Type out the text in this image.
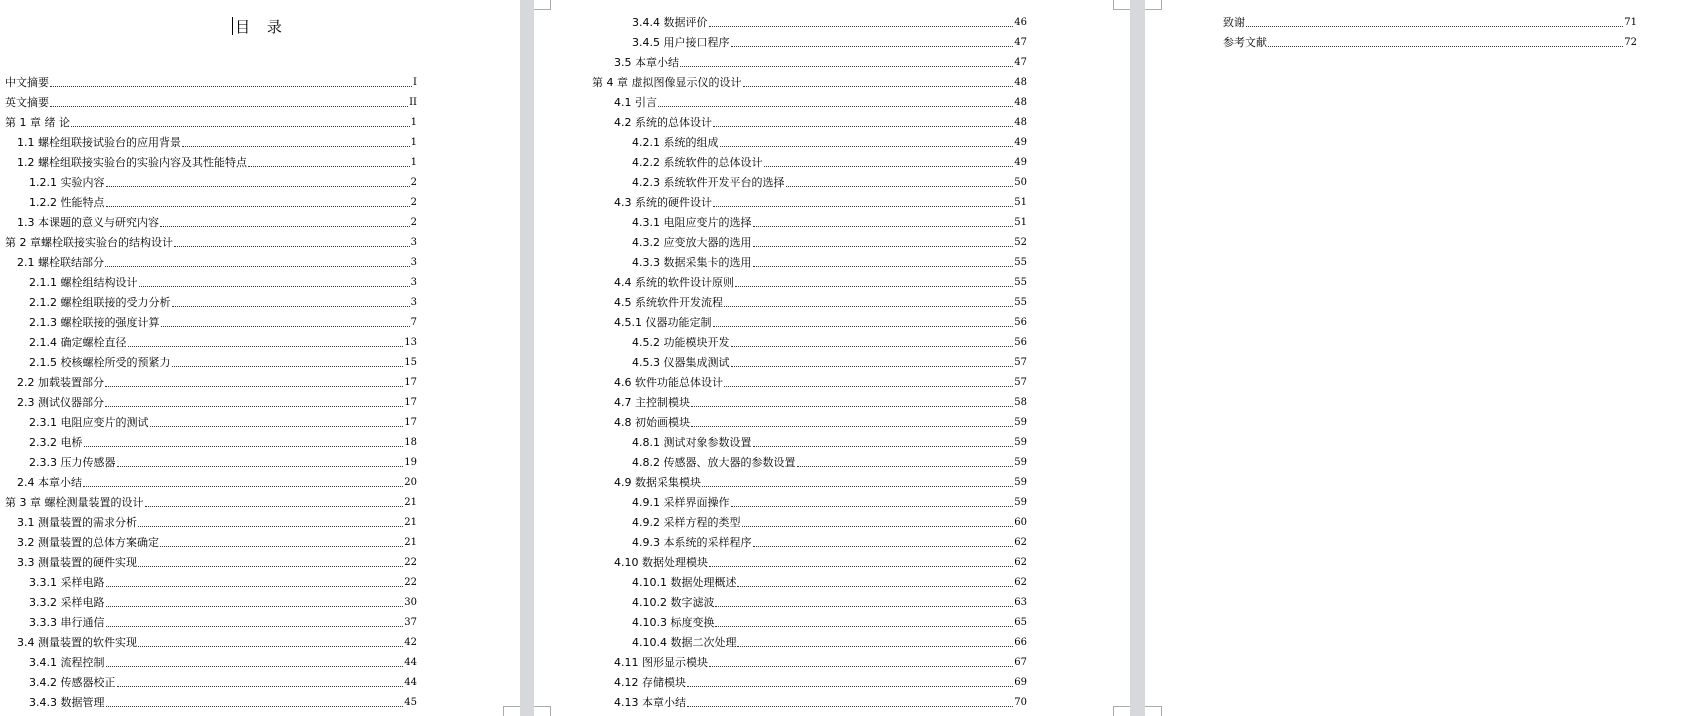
目 录
中文摘要	I
英文摘要	II
第 1 章 绪 论	1
1.1 螺栓组联接试验台的应用背景	1
1.2 螺栓组联接实验台的实验内容及其性能特点	1
1.2.1 实验内容	2
1.2.2 性能特点	2
1.3 本课题的意义与研究内容	2
第 2 章螺栓联接实验台的结构设计	3
2.1 螺栓联结部分	3
2.1.1 螺栓组结构设计	3
2.1.2 螺栓组联接的受力分析	3
2.1.3 螺栓联接的强度计算	7
2.1.4 确定螺栓直径	13
2.1.5 校核螺栓所受的预紧力	15
2.2 加载装置部分	17
2.3 测试仪器部分	17
2.3.1 电阻应变片的测试	17
2.3.2 电桥	18
2.3.3 压力传感器	19
2.4 本章小结	20
第 3 章 螺栓测量装置的设计	21
3.1 测量装置的需求分析	21
3.2 测量装置的总体方案确定	21
3.3 测量装置的硬件实现	22
3.3.1 采样电路	22
3.3.2 采样电路	30
3.3.3 串行通信	37
3.4 测量装置的软件实现	42
3.4.1 流程控制	44
3.4.2 传感器校正	44
3.4.3 数据管理	45
3.4.4 数据评价	46
3.4.5 用户接口程序	47
3.5 本章小结	47
第 4 章 虚拟图像显示仪的设计	48
4.1 引言	48
4.2 系统的总体设计	48
4.2.1 系统的组成	49
4.2.2 系统软件的总体设计	49
4.2.3 系统软件开发平台的选择	50
4.3 系统的硬件设计	51
4.3.1 电阻应变片的选择	51
4.3.2 应变放大器的选用	52
4.3.3 数据采集卡的选用	55
4.4 系统的软件设计原则	55
4.5 系统软件开发流程	55
4.5.1 仪器功能定制	56
4.5.2 功能模块开发	56
4.5.3 仪器集成测试	57
4.6 软件功能总体设计	57
4.7 主控制模块	58
4.8 初始画模块	59
4.8.1 测试对象参数设置	59
4.8.2 传感器、放大器的参数设置	59
4.9 数据采集模块	59
4.9.1 采样界面操作	59
4.9.2 采样方程的类型	60
4.9.3 本系统的采样程序	62
4.10 数据处理模块	62
4.10.1 数据处理概述	62
4.10.2 数字滤波	63
4.10.3 标度变换	65
4.10.4 数据二次处理	66
4.11 图形显示模块	67
4.12 存储模块	69
4.13 本章小结	70
致谢	71
参考文献	72
